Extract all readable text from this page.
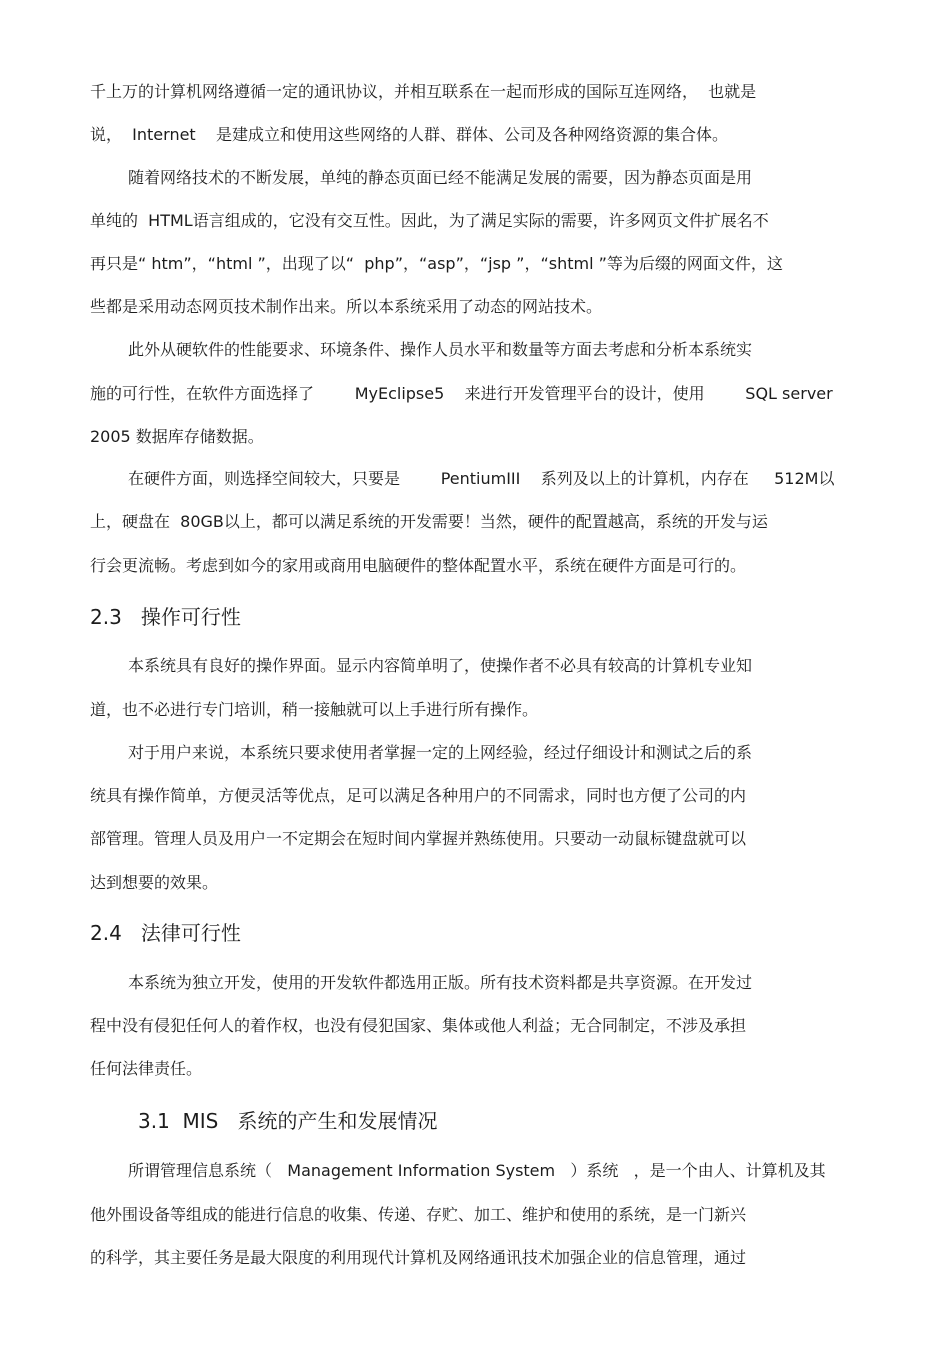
千上万的计算机网络遵循一定的通讯协议，并相互联系在一起而形成的国际互连网络，  也就是
说，  Internet    是建成立和使用这些网络的人群、群体、公司及各种网络资源的集合体。
随着网络技术的不断发展，单纯的静态页面已经不能满足发展的需要，因为静态页面是用
单纯的  HTML语言组成的，它没有交互性。因此，为了满足实际的需要，许多网页文件扩展名不
再只是“ htm”，“html ”，出现了以“  php”，“asp”，“jsp ”，“shtml ”等为后缀的网面文件，这
些都是采用动态网页技术制作出来。所以本系统采用了动态的网站技术。
此外从硬软件的性能要求、环境条件、操作人员水平和数量等方面去考虑和分析本系统实
施的可行性，在软件方面选择了        MyEclipse5    来进行开发管理平台的设计，使用        SQL server
2005 数据库存储数据。
在硬件方面，则选择空间较大，只要是        PentiumIII    系列及以上的计算机，内存在     512M以
上，硬盘在  80GB以上，都可以满足系统的开发需要！当然，硬件的配置越高，系统的开发与运
行会更流畅。考虑到如今的家用或商用电脑硬件的整体配置水平，系统在硬件方面是可行的。
2.3   操作可行性
本系统具有良好的操作界面。显示内容简单明了，使操作者不必具有较高的计算机专业知
道，也不必进行专门培训，稍一接触就可以上手进行所有操作。
对于用户来说，本系统只要求使用者掌握一定的上网经验，经过仔细设计和测试之后的系
统具有操作简单，方便灵活等优点，足可以满足各种用户的不同需求，同时也方便了公司的内
部管理。管理人员及用户一不定期会在短时间内掌握并熟练使用。只要动一动鼠标键盘就可以
达到想要的效果。
2.4   法律可行性
本系统为独立开发，使用的开发软件都选用正版。所有技术资料都是共享资源。在开发过
程中没有侵犯任何人的着作权，也没有侵犯国家、集体或他人利益；无合同制定，不涉及承担
任何法律责任。
3.1  MIS   系统的产生和发展情况
所谓管理信息系统（   Management Information System   ）系统   ，是一个由人、计算机及其
他外围设备等组成的能进行信息的收集、传递、存贮、加工、维护和使用的系统，是一门新兴
的科学，其主要任务是最大限度的利用现代计算机及网络通讯技术加强企业的信息管理，通过
